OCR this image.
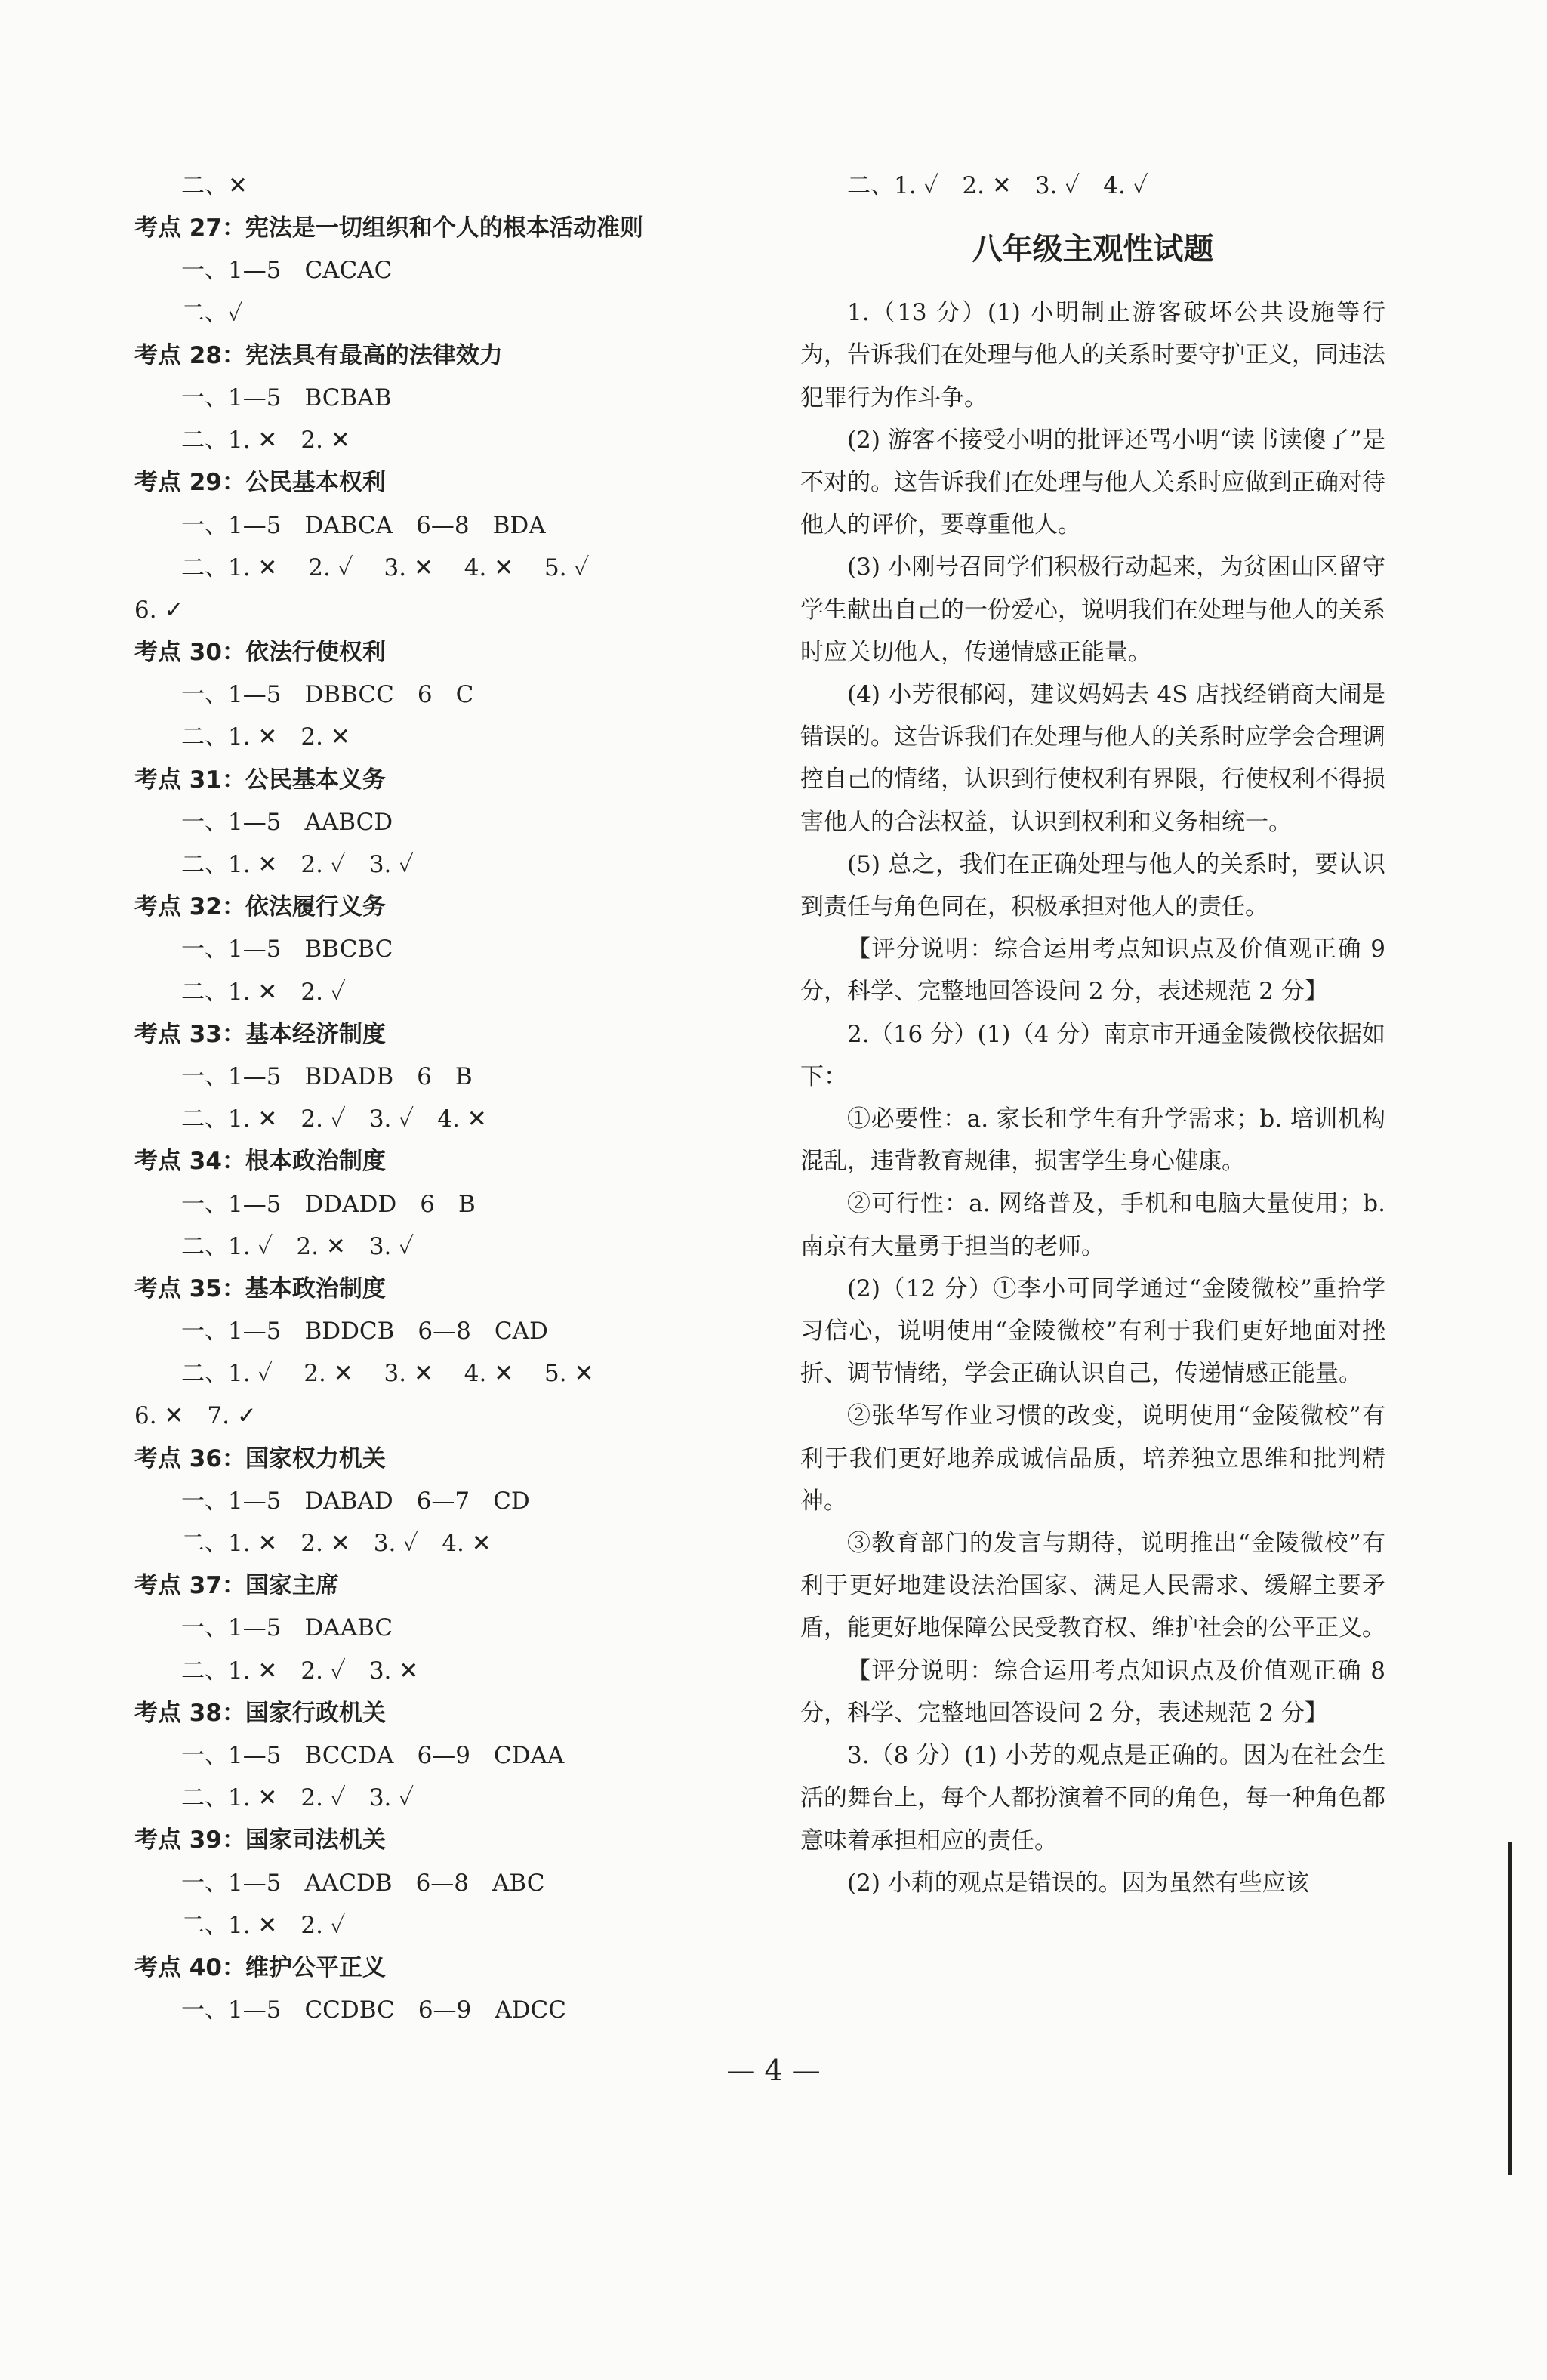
二、✕
考点 27：宪法是一切组织和个人的根本活动准则
一、1—5　CACAC
二、✓
考点 28：宪法具有最高的法律效力
一、1—5　BCBAB
二、1. ✕　2. ✕
考点 29：公民基本权利
一、1—5　DABCA　6—8　BDA
二、1. ✕　 2. ✓　 3. ✕　 4. ✕　 5. ✓
6. ✓
考点 30：依法行使权利
一、1—5　DBBCC　6　C
二、1. ✕　2. ✕
考点 31：公民基本义务
一、1—5　AABCD
二、1. ✕　2. ✓　3. ✓
考点 32：依法履行义务
一、1—5　BBCBC
二、1. ✕　2. ✓
考点 33：基本经济制度
一、1—5　BDADB　6　B
二、1. ✕　2. ✓　3. ✓　4. ✕
考点 34：根本政治制度
一、1—5　DDADD　6　B
二、1. ✓　2. ✕　3. ✓
考点 35：基本政治制度
一、1—5　BDDCB　6—8　CAD
二、1. ✓　 2. ✕　 3. ✕　 4. ✕　 5. ✕
6. ✕　7. ✓
考点 36：国家权力机关
一、1—5　DABAD　6—7　CD
二、1. ✕　2. ✕　3. ✓　4. ✕
考点 37：国家主席
一、1—5　DAABC
二、1. ✕　2. ✓　3. ✕
考点 38：国家行政机关
一、1—5　BCCDA　6—9　CDAA
二、1. ✕　2. ✓　3. ✓
考点 39：国家司法机关
一、1—5　AACDB　6—8　ABC
二、1. ✕　2. ✓
考点 40：维护公平正义
一、1—5　CCDBC　6—9　ADCC
二、1. ✓　2. ✕　3. ✓　4. ✓
八年级主观性试题

1.（13 分）(1) 小明制止游客破坏公共设施等行为，告诉我们在处理与他人的关系时要守护正义，同违法犯罪行为作斗争。

(2) 游客不接受小明的批评还骂小明“读书读傻了”是不对的。这告诉我们在处理与他人关系时应做到正确对待他人的评价，要尊重他人。

(3) 小刚号召同学们积极行动起来，为贫困山区留守学生献出自己的一份爱心，说明我们在处理与他人的关系时应关切他人，传递情感正能量。

(4) 小芳很郁闷，建议妈妈去 4S 店找经销商大闹是错误的。这告诉我们在处理与他人的关系时应学会合理调控自己的情绪，认识到行使权利有界限，行使权利不得损害他人的合法权益，认识到权利和义务相统一。

(5) 总之，我们在正确处理与他人的关系时，要认识到责任与角色同在，积极承担对他人的责任。

【评分说明：综合运用考点知识点及价值观正确 9 分，科学、完整地回答设问 2 分，表述规范 2 分】

2.（16 分）(1)（4 分）南京市开通金陵微校依据如下：

①必要性：a. 家长和学生有升学需求；b. 培训机构混乱，违背教育规律，损害学生身心健康。

②可行性：a. 网络普及，手机和电脑大量使用；b. 南京有大量勇于担当的老师。

(2)（12 分）①李小可同学通过“金陵微校”重拾学习信心，说明使用“金陵微校”有利于我们更好地面对挫折、调节情绪，学会正确认识自己，传递情感正能量。

②张华写作业习惯的改变，说明使用“金陵微校”有利于我们更好地养成诚信品质，培养独立思维和批判精神。

③教育部门的发言与期待，说明推出“金陵微校”有利于更好地建设法治国家、满足人民需求、缓解主要矛盾，能更好地保障公民受教育权、维护社会的公平正义。

【评分说明：综合运用考点知识点及价值观正确 8 分，科学、完整地回答设问 2 分，表述规范 2 分】

3.（8 分）(1) 小芳的观点是正确的。因为在社会生活的舞台上，每个人都扮演着不同的角色，每一种角色都意味着承担相应的责任。

(2) 小莉的观点是错误的。因为虽然有些应该

— 4 —
